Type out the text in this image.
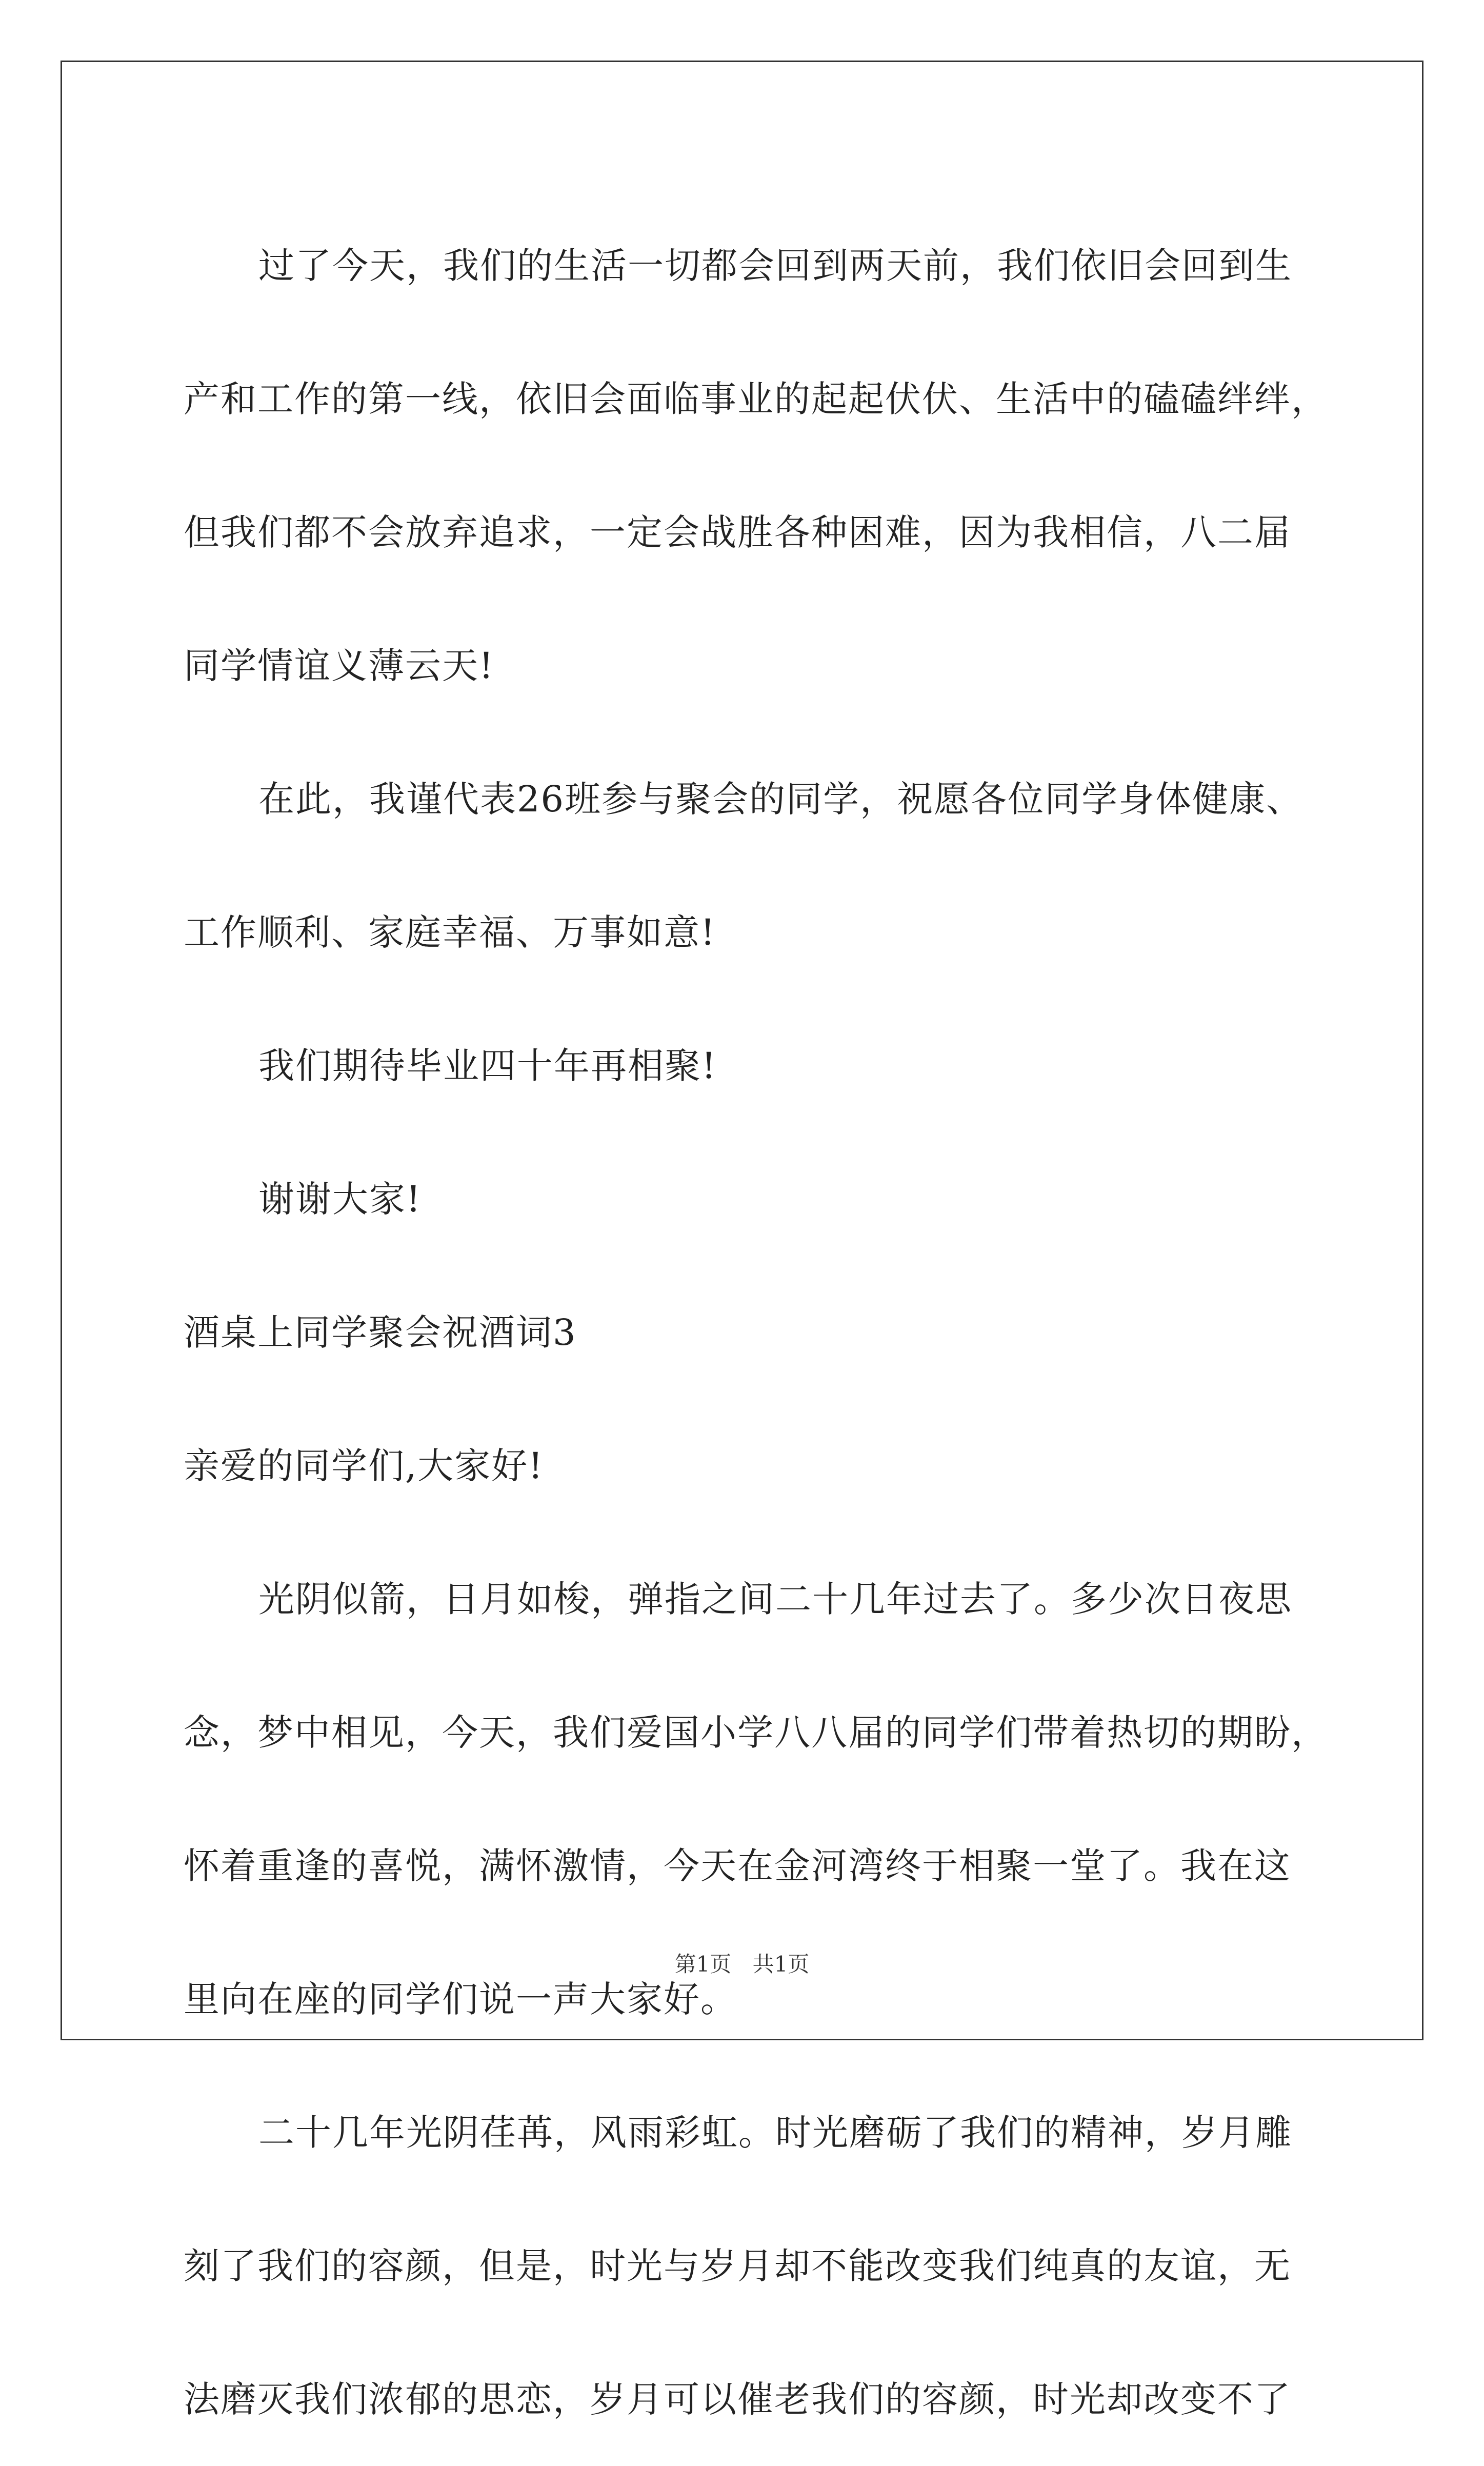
过了今天，我们的生活一切都会回到两天前，我们依旧会回到生

产和工作的第一线，依旧会面临事业的起起伏伏、生活中的磕磕绊绊，

但我们都不会放弃追求，一定会战胜各种困难，因为我相信，八二届

同学情谊义薄云天!

在此，我谨代表26班参与聚会的同学，祝愿各位同学身体健康、

工作顺利、家庭幸福、万事如意!

我们期待毕业四十年再相聚!

谢谢大家!

酒桌上同学聚会祝酒词3

亲爱的同学们,大家好!

光阴似箭，日月如梭，弹指之间二十几年过去了。多少次日夜思

念，梦中相见，今天，我们爱国小学八八届的同学们带着热切的期盼，

怀着重逢的喜悦，满怀激情，今天在金河湾终于相聚一堂了。我在这

里向在座的同学们说一声大家好。

二十几年光阴荏苒，风雨彩虹。时光磨砺了我们的精神，岁月雕

刻了我们的容颜，但是，时光与岁月却不能改变我们纯真的友谊，无

法磨灭我们浓郁的思恋，岁月可以催老我们的容颜，时光却改变不了

第1页 共1页
